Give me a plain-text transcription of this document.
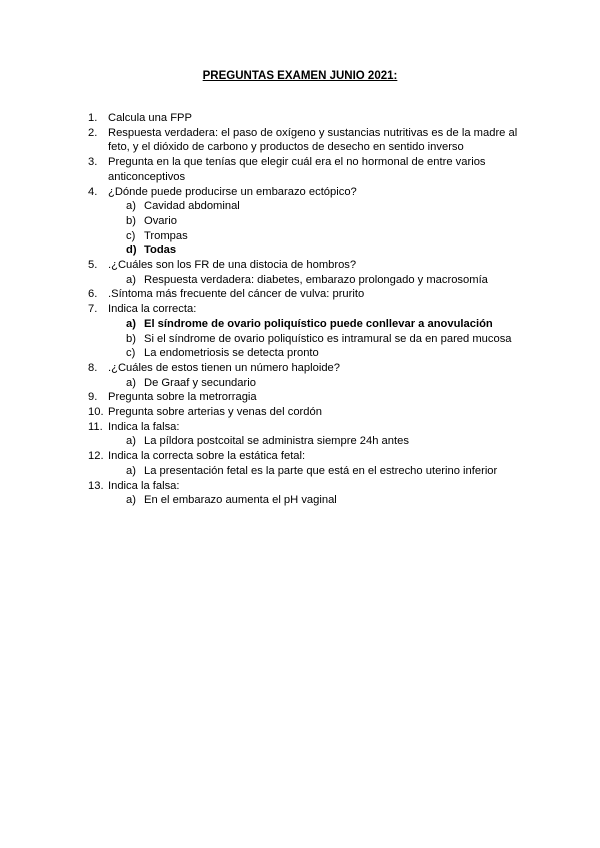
PREGUNTAS EXAMEN JUNIO 2021:
1. Calcula una FPP
2. Respuesta verdadera: el paso de oxígeno y sustancias nutritivas es de la madre al feto, y el dióxido de carbono y productos de desecho en sentido inverso
3. Pregunta en la que tenías que elegir cuál era el no hormonal de entre varios anticonceptivos
4. ¿Dónde puede producirse un embarazo ectópico?
a) Cavidad abdominal
b) Ovario
c) Trompas
d) Todas
5. .¿Cuáles son los FR de una distocia de hombros?
a) Respuesta verdadera: diabetes, embarazo prolongado y macrosomía
6. .Síntoma más frecuente del cáncer de vulva: prurito
7. Indica la correcta:
a) El síndrome de ovario poliquístico puede conllevar a anovulación
b) Si el síndrome de ovario poliquístico es intramural se da en pared mucosa
c) La endometriosis se detecta pronto
8. .¿Cuáles de estos tienen un número haploide?
a) De Graaf y secundario
9. Pregunta sobre la metrorragia
10. Pregunta sobre arterias y venas del cordón
11. Indica la falsa:
a) La píldora postcoital se administra siempre 24h antes
12. Indica la correcta sobre la estática fetal:
a) La presentación fetal es la parte que está en el estrecho uterino inferior
13. Indica la falsa:
a) En el embarazo aumenta el pH vaginal
